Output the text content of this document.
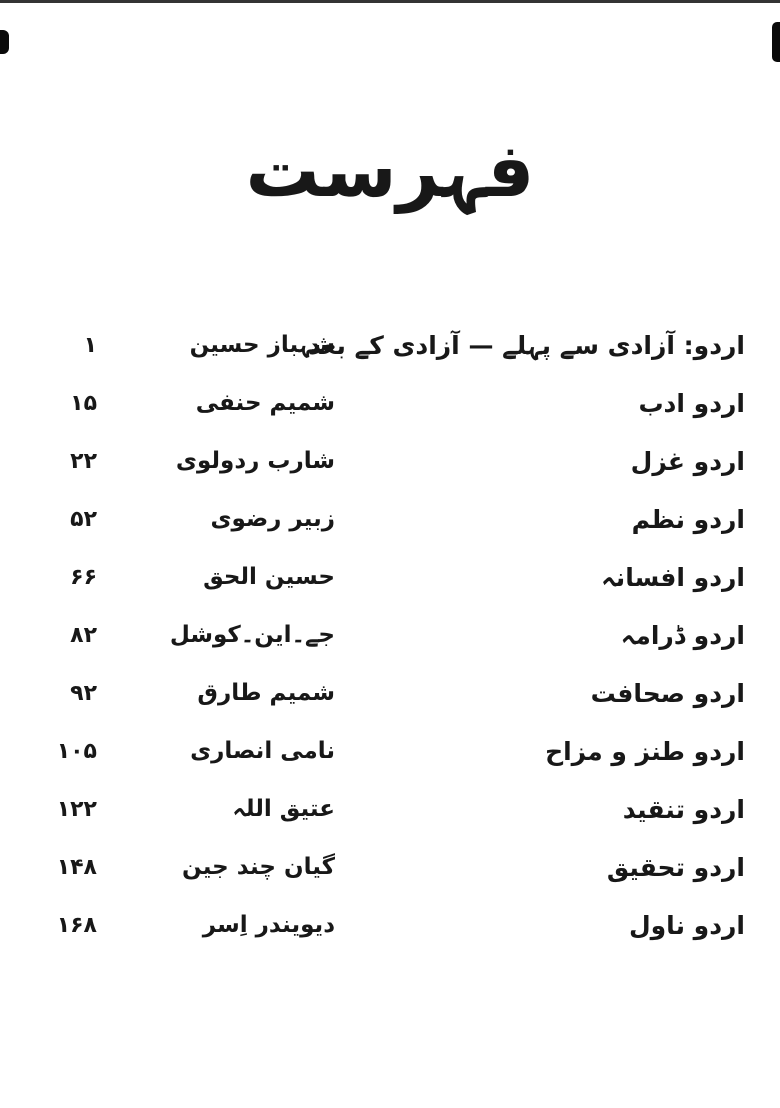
فہرست
اردو: آزادی سے پہلے — آزادی کے بعد
شہباز حسین
۱
اردو ادب
شمیم حنفی
۱۵
اردو غزل
شارب ردولوی
۲۲
اردو نظم
زبیر رضوی
۵۲
اردو افسانہ
حسین الحق
۶۶
اردو ڈرامہ
جے۔این۔کوشل
۸۲
اردو صحافت
شمیم طارق
۹۲
اردو طنز و مزاح
نامی انصاری
۱۰۵
اردو تنقید
عتیق اللہ
۱۲۲
اردو تحقیق
گیان چند جین
۱۴۸
اردو ناول
دیویندر اِسر
۱۶۸
